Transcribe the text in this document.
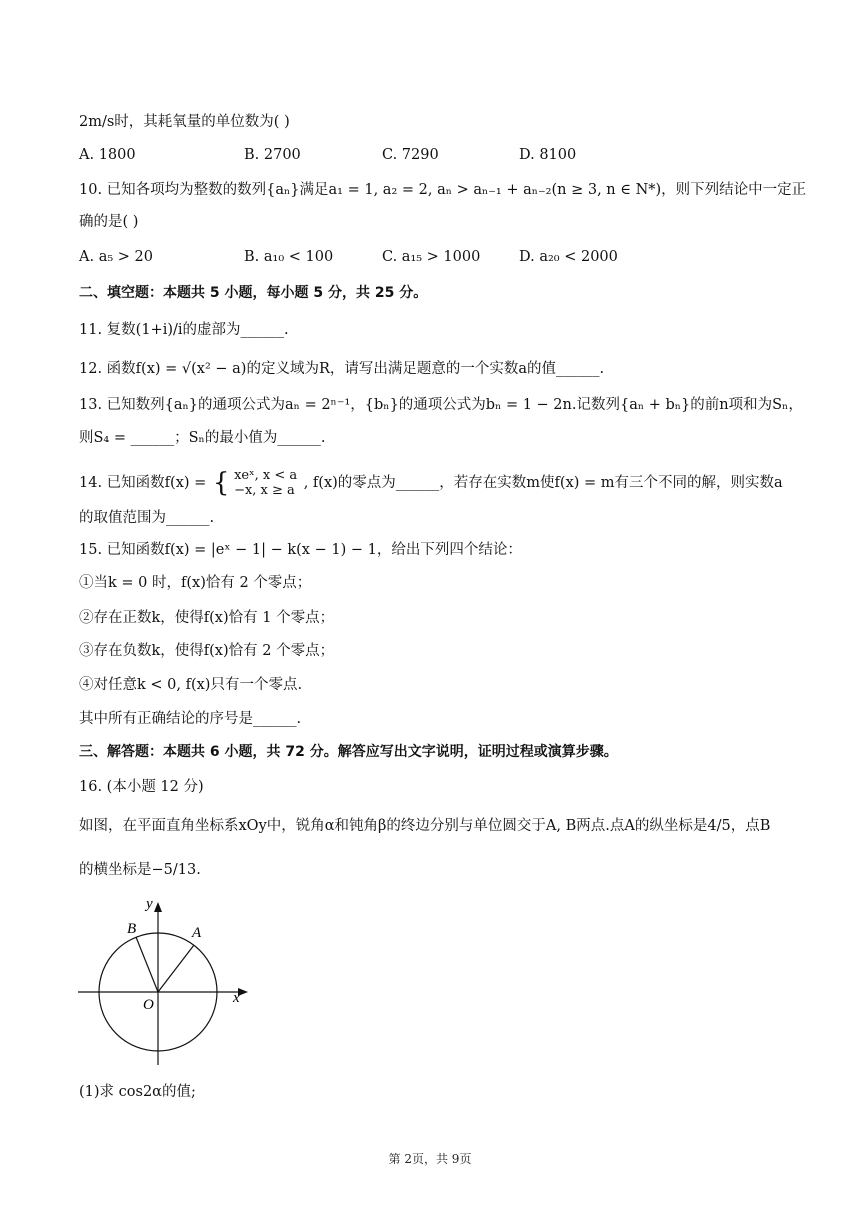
2m/s时，其耗氧量的单位数为( )
A. 1800	B. 2700	C. 7290	D. 8100
10. 已知各项均为整数的数列{aₙ}满足a₁ = 1, a₂ = 2, aₙ > aₙ₋₁ + aₙ₋₂(n ≥ 3, n ∈ N*)，则下列结论中一定正
确的是( )
A. a₅ > 20	B. a₁₀ < 100	C. a₁₅ > 1000	D. a₂₀ < 2000
二、填空题：本题共 5 小题，每小题 5 分，共 25 分。
11. 复数(1+i)/i的虚部为______.
12. 函数f(x) = √(x² − a)的定义域为R，请写出满足题意的一个实数a的值______.
13. 已知数列{aₙ}的通项公式为aₙ = 2ⁿ⁻¹，{bₙ}的通项公式为bₙ = 1 − 2n.记数列{aₙ + bₙ}的前n项和为Sₙ，
则S₄ = ______；Sₙ的最小值为______.
14. 已知函数f(x) = { xeˣ, x < a
−x, x ≥ a , f(x)的零点为______，若存在实数m使f(x) = m有三个不同的解，则实数a
的取值范围为______.
15. 已知函数f(x) = |eˣ − 1| − k(x − 1) − 1，给出下列四个结论：
①当k = 0 时，f(x)恰有 2 个零点；
②存在正数k，使得f(x)恰有 1 个零点；
③存在负数k，使得f(x)恰有 2 个零点；
④对任意k < 0, f(x)只有一个零点.
其中所有正确结论的序号是______.
三、解答题：本题共 6 小题，共 72 分。解答应写出文字说明，证明过程或演算步骤。
16. (本小题 12 分)
如图，在平面直角坐标系xOy中，锐角α和钝角β的终边分别与单位圆交于A, B两点.点A的纵坐标是4/5，点B
的横坐标是−5/13.
y
x
O
A
B
(1)求 cos2α的值;
第 2页，共 9页
